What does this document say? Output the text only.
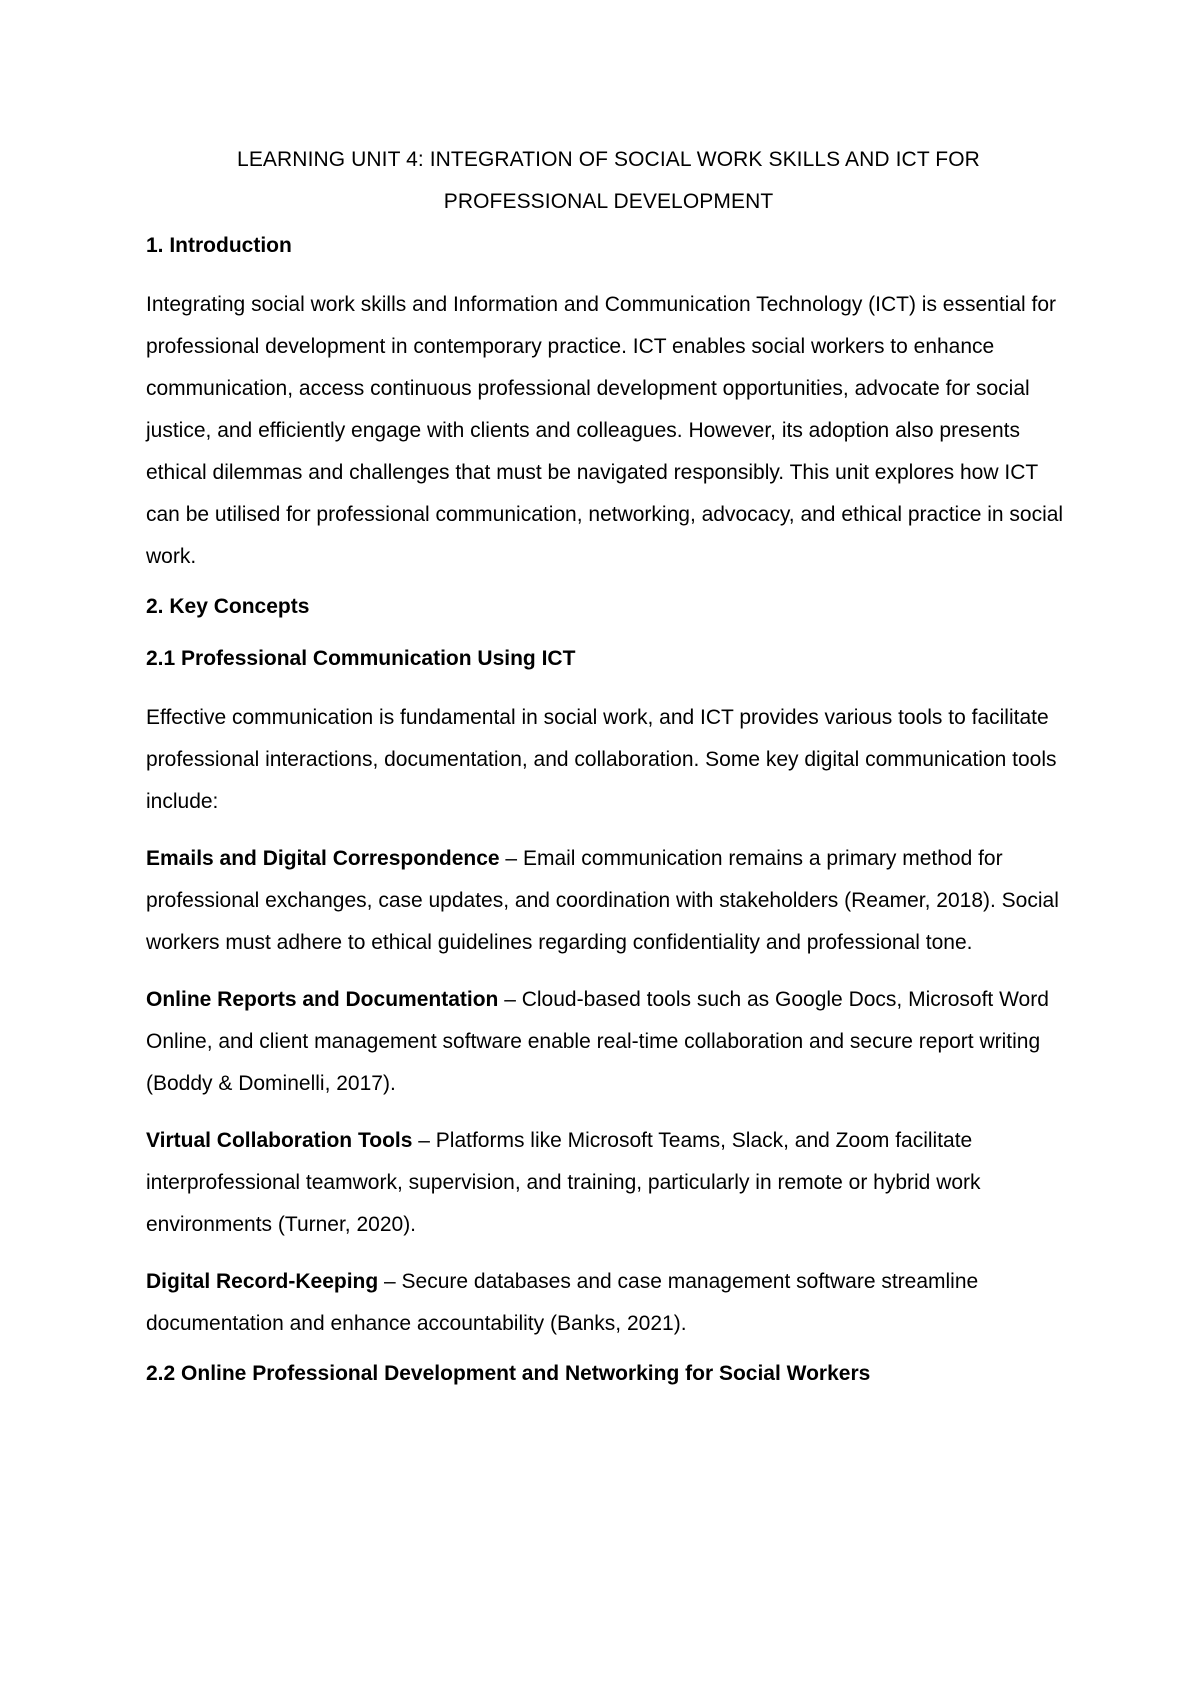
LEARNING UNIT 4: INTEGRATION OF SOCIAL WORK SKILLS AND ICT FOR
PROFESSIONAL DEVELOPMENT
1. Introduction
Integrating social work skills and Information and Communication Technology (ICT) is essential for professional development in contemporary practice. ICT enables social workers to enhance communication, access continuous professional development opportunities, advocate for social justice, and efficiently engage with clients and colleagues. However, its adoption also presents ethical dilemmas and challenges that must be navigated responsibly. This unit explores how ICT can be utilised for professional communication, networking, advocacy, and ethical practice in social work.
2. Key Concepts
2.1 Professional Communication Using ICT
Effective communication is fundamental in social work, and ICT provides various tools to facilitate professional interactions, documentation, and collaboration. Some key digital communication tools include:
Emails and Digital Correspondence – Email communication remains a primary method for professional exchanges, case updates, and coordination with stakeholders (Reamer, 2018). Social workers must adhere to ethical guidelines regarding confidentiality and professional tone.
Online Reports and Documentation – Cloud-based tools such as Google Docs, Microsoft Word Online, and client management software enable real-time collaboration and secure report writing (Boddy & Dominelli, 2017).
Virtual Collaboration Tools – Platforms like Microsoft Teams, Slack, and Zoom facilitate interprofessional teamwork, supervision, and training, particularly in remote or hybrid work environments (Turner, 2020).
Digital Record-Keeping – Secure databases and case management software streamline documentation and enhance accountability (Banks, 2021).
2.2 Online Professional Development and Networking for Social Workers
